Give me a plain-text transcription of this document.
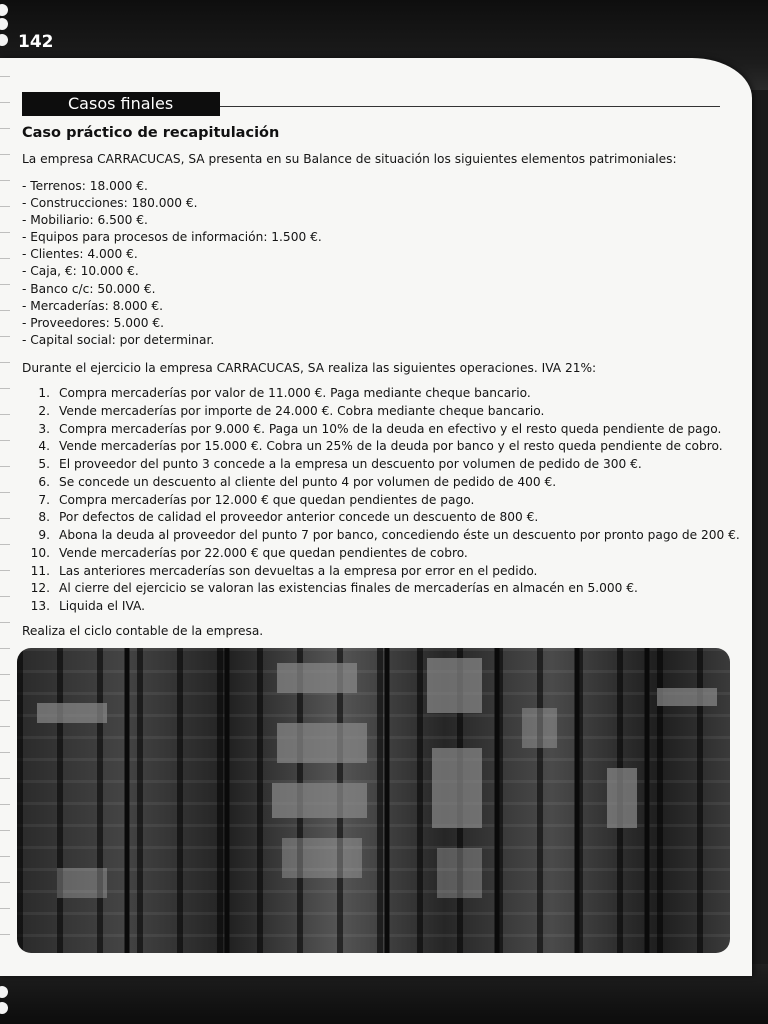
142
Casos finales
Caso práctico de recapitulación
La empresa CARRACUCAS, SA presenta en su Balance de situación los siguientes elementos patrimoniales:
- Terrenos: 18.000 €.
- Construcciones: 180.000 €.
- Mobiliario: 6.500 €.
- Equipos para procesos de información: 1.500 €.
- Clientes: 4.000 €.
- Caja, €: 10.000 €.
- Banco c/c: 50.000 €.
- Mercaderías: 8.000 €.
- Proveedores: 5.000 €.
- Capital social: por determinar.
Durante el ejercicio la empresa CARRACUCAS, SA realiza las siguientes operaciones. IVA 21%:
1. Compra mercaderías por valor de 11.000 €. Paga mediante cheque bancario.
2. Vende mercaderías por importe de 24.000 €. Cobra mediante cheque bancario.
3. Compra mercaderías por 9.000 €. Paga un 10% de la deuda en efectivo y el resto queda pendiente de pago.
4. Vende mercaderías por 15.000 €. Cobra un 25% de la deuda por banco y el resto queda pendiente de cobro.
5. El proveedor del punto 3 concede a la empresa un descuento por volumen de pedido de 300 €.
6. Se concede un descuento al cliente del punto 4 por volumen de pedido de 400 €.
7. Compra mercaderías por 12.000 € que quedan pendientes de pago.
8. Por defectos de calidad el proveedor anterior concede un descuento de 800 €.
9. Abona la deuda al proveedor del punto 7 por banco, concediendo éste un descuento por pronto pago de 200 €.
10. Vende mercaderías por 22.000 € que quedan pendientes de cobro.
11. Las anteriores mercaderías son devueltas a la empresa por error en el pedido.
12. Al cierre del ejercicio se valoran las existencias finales de mercaderías en almacén en 5.000 €.
13. Liquida el IVA.
Realiza el ciclo contable de la empresa.
